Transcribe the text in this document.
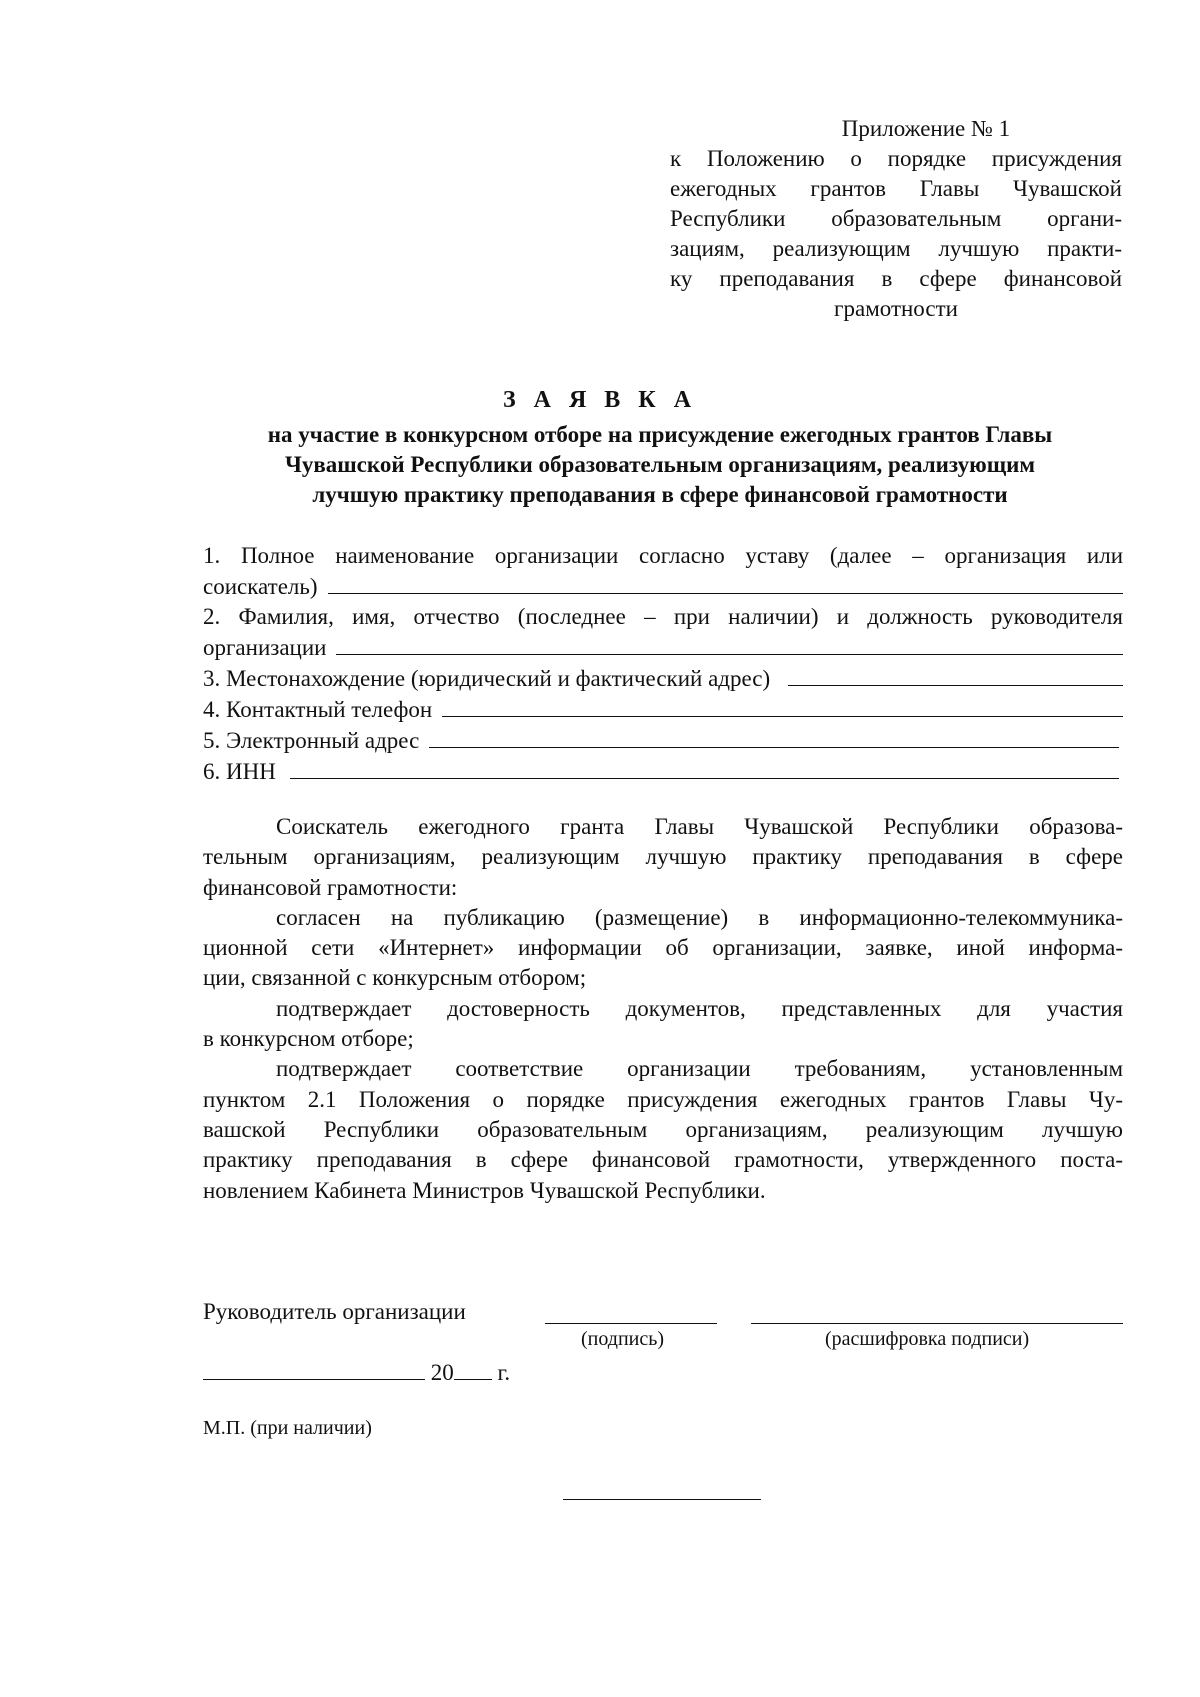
Приложение № 1
к Положению о порядке присуждения
ежегодных грантов Главы Чувашской
Республики образовательным органи-
зациям, реализующим лучшую практи-
ку преподавания в сфере финансовой
грамотности
З А Я В К А
на участие в конкурсном отборе на присуждение ежегодных грантов Главы
Чувашской Республики образовательным организациям, реализующим
лучшую практику преподавания в сфере финансовой грамотности
1. Полное наименование организации согласно уставу (далее – организация или
соискатель)
2. Фамилия, имя, отчество (последнее – при наличии) и должность руководителя
организации
3. Местонахождение (юридический и фактический адрес)
4. Контактный телефон
5. Электронный адрес
6. ИНН
Соискатель ежегодного гранта Главы Чувашской Республики образова-
тельным организациям, реализующим лучшую практику преподавания в сфере
финансовой грамотности:
согласен на публикацию (размещение) в информационно-телекоммуника-
ционной сети «Интернет» информации об организации, заявке, иной информа-
ции, связанной с конкурсным отбором;
подтверждает достоверность документов, представленных для участия
в конкурсном отборе;
подтверждает соответствие организации требованиям, установленным
пунктом 2.1 Положения о порядке присуждения ежегодных грантов Главы Чу-
вашской Республики образовательным организациям, реализующим лучшую
практику преподавания в сфере финансовой грамотности, утвержденного поста-
новлением Кабинета Министров Чувашской Республики.
Руководитель организации
(подпись)	(расшифровка подписи)
20 г.
М.П. (при наличии)
